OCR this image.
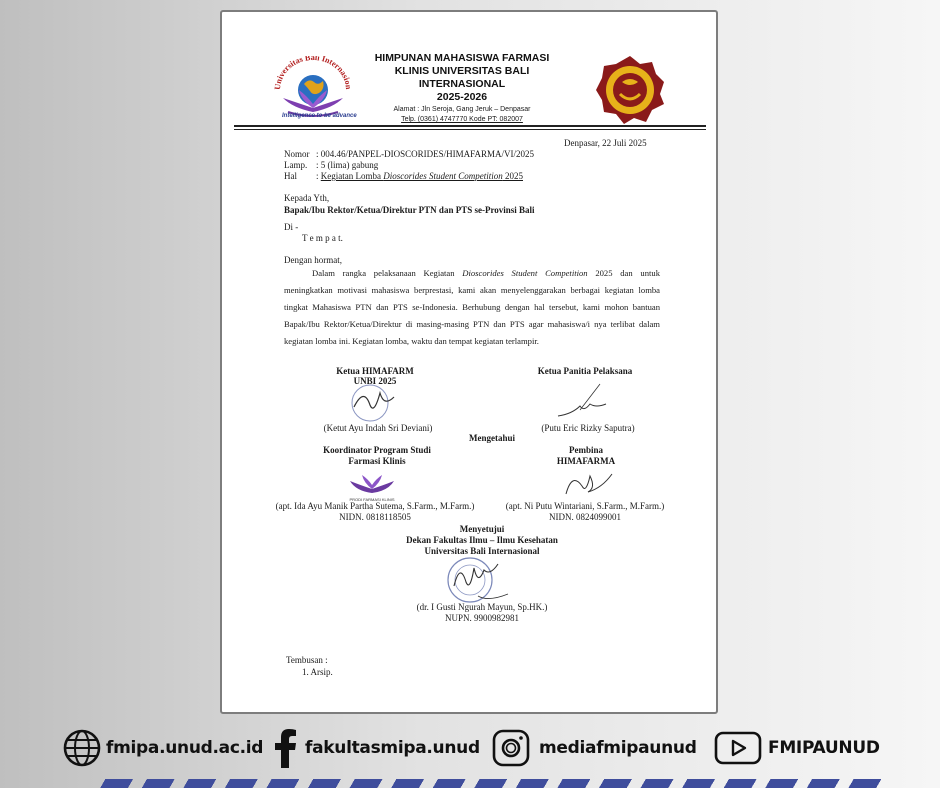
Universitas Bali Internasion
Intelligence to be advance
HIMPUNAN MAHASISWA FARMASI
KLINIS UNIVERSITAS BALI
INTERNASIONAL
2025-2026
Alamat : Jln Seroja, Gang Jeruk – Denpasar
Telp. (0361) 4747770 Kode PT: 082007
Denpasar, 22 Juli 2025
Nomor : 004.46/PANPEL-DIOSCORIDES/HIMAFARMA/VI/2025
Lamp. : 5 (lima) gabung
Hal : Kegiatan Lomba Dioscorides Student Competition 2025
Kepada Yth,
Bapak/Ibu Rektor/Ketua/Direktur PTN dan PTS se-Provinsi Bali
Di -
T e m p a t.
Dengan hormat,

Dalam rangka pelaksanaan Kegiatan Dioscorides Student Competition 2025 dan untuk meningkatkan motivasi mahasiswa berprestasi, kami akan menyelenggarakan berbagai kegiatan lomba tingkat Mahasiswa PTN dan PTS se-Indonesia. Berhubung dengan hal tersebut, kami mohon bantuan Bapak/Ibu Rektor/Ketua/Direktur di masing-masing PTN dan PTS agar mahasiswa/i nya terlibat dalam kegiatan lomba ini. Kegiatan lomba, waktu dan tempat kegiatan terlampir.

Ketua HIMAFARM
UNBI 2025
(Ketut Ayu Indah Sri Deviani)
Ketua Panitia Pelaksana
(Putu Eric Rizky Saputra)
Mengetahui
Koordinator Program Studi
Farmasi Klinis
PRODI FARMASI KLINIS
(apt. Ida Ayu Manik Partha Sutema, S.Farm., M.Farm.)
NIDN. 0818118505
Pembina
HIMAFARMA
(apt. Ni Putu Wintariani, S.Farm., M.Farm.)
NIDN. 0824099001
Menyetujui
Dekan Fakultas Ilmu – Ilmu Kesehatan
Universitas Bali Internasional
(dr. I Gusti Ngurah Mayun, Sp.HK.)
NUPN. 9900982981
Tembusan :
1. Arsip.
fmipa.unud.ac.id fakultasmipa.unud	mediafmipaunud	FMIPAUNUD
